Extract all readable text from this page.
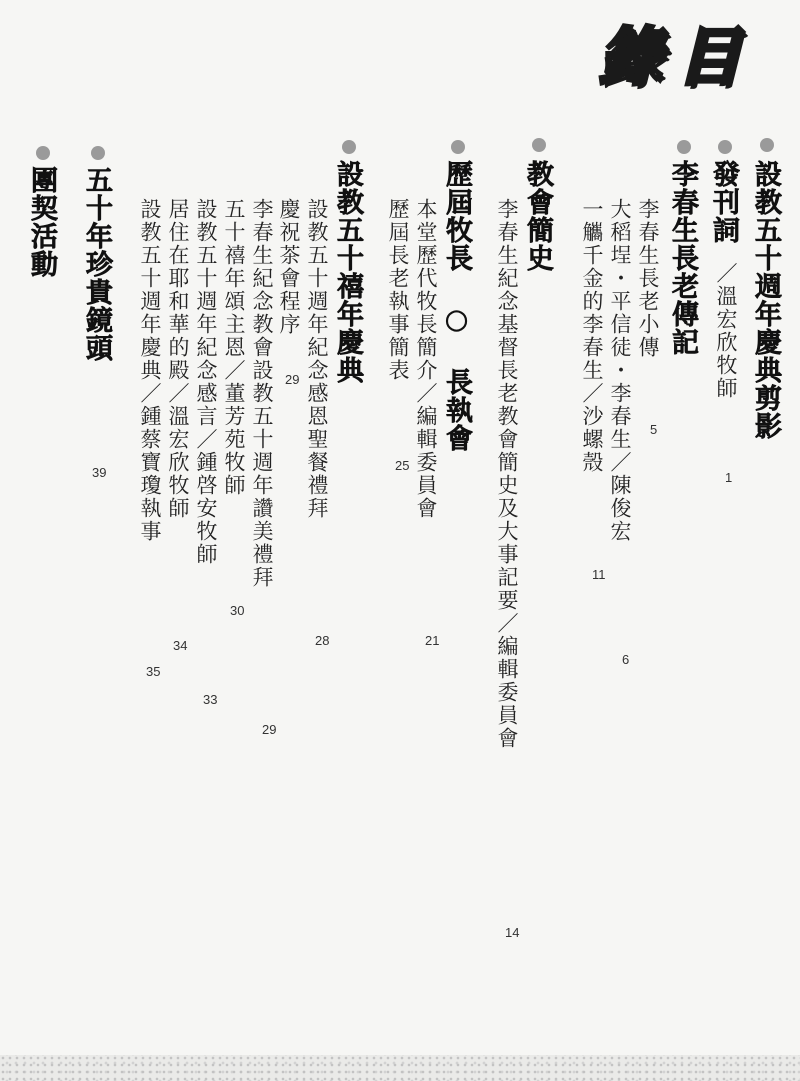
錄 目
設教五十週年慶典剪影
發刊詞
／溫宏欣牧師
1
李春生長老傳記
李春生長老小傳
5
大稻埕・平信徒・李春生／陳俊宏
6
一觿千金的李春生／沙螺殼
11
教會簡史
李春生紀念基督長老教會簡史及大事記要／編輯委員會
14
歷屆牧長 ○ 長執會
本堂歷代牧長簡介／編輯委員會
21
歷屆長老執事簡表
25
設教五十禧年慶典
設教五十週年紀念感恩聖餐禮拜
28
慶祝茶會程序
29
李春生紀念教會設教五十週年讚美禮拜
29
五十禧年頌主恩／董芳苑牧師
30
設教五十週年紀念感言／鍾啓安牧師
33
居住在耶和華的殿／溫宏欣牧師
34
設教五十週年慶典／鍾蔡寶瓊執事
35
五十年珍貴鏡頭
39
團契活動
